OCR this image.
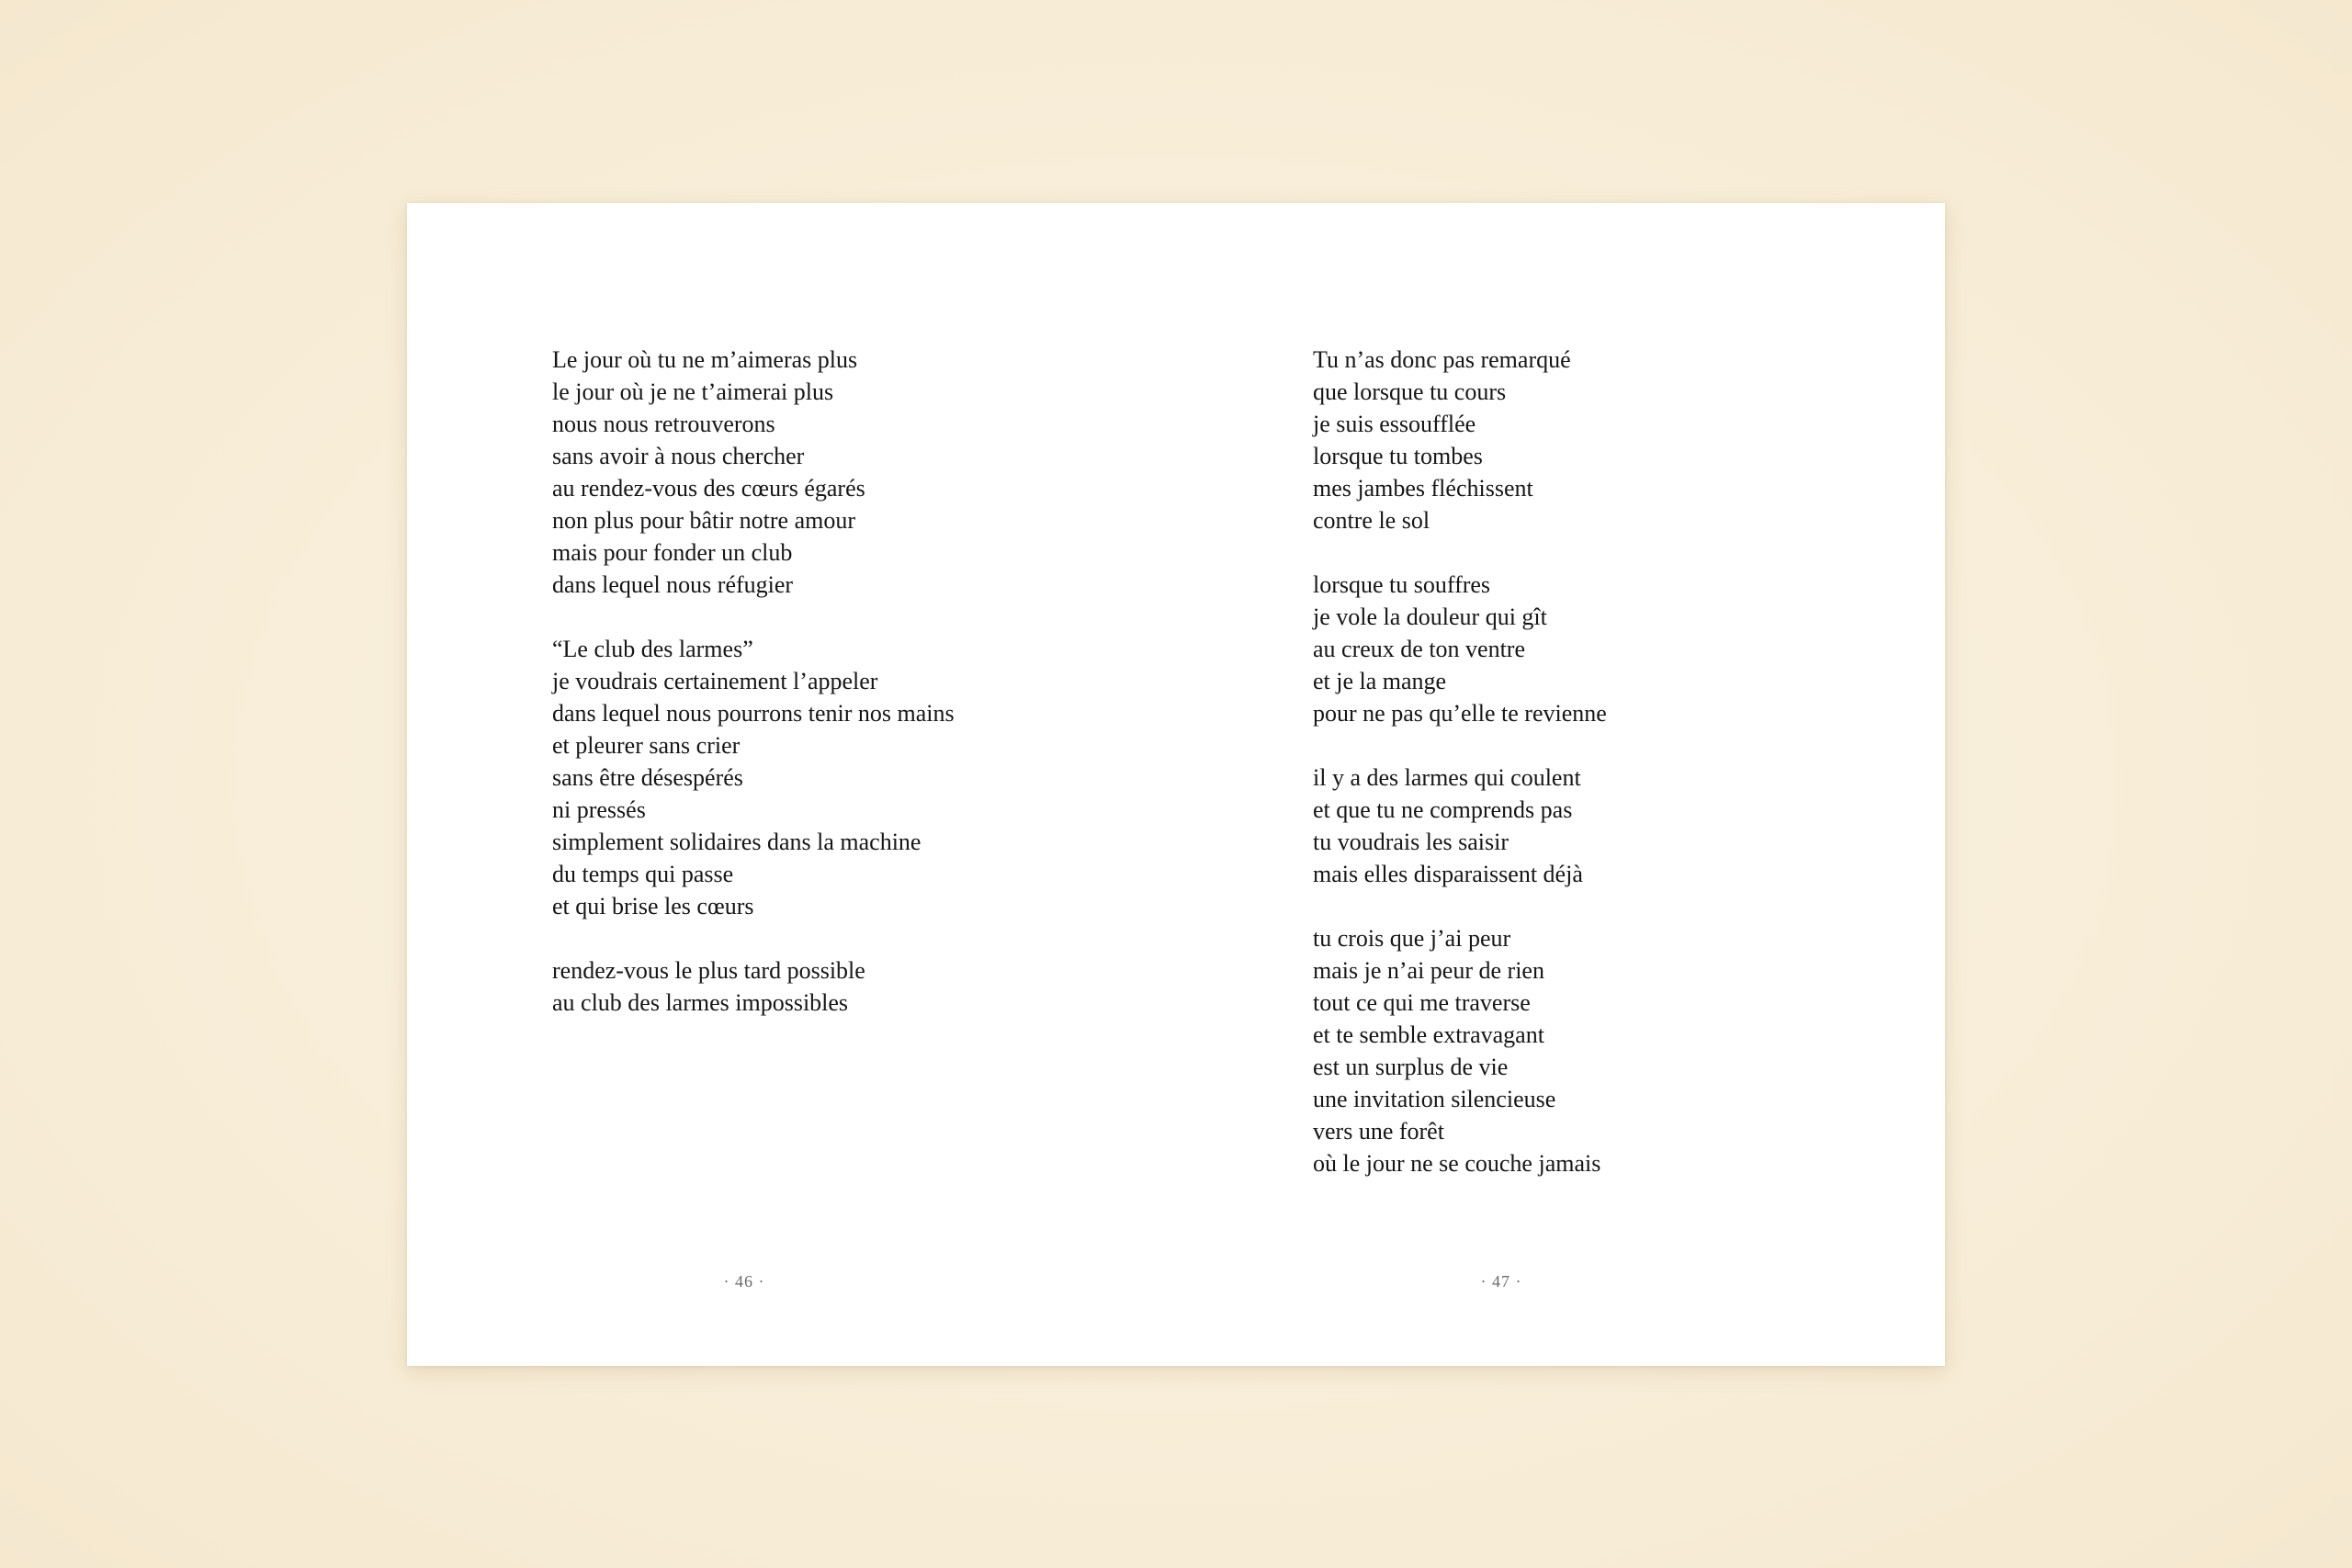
Le jour où tu ne m’aimeras plus
le jour où je ne t’aimerai plus
nous nous retrouverons
sans avoir à nous chercher
au rendez-vous des cœurs égarés
non plus pour bâtir notre amour
mais pour fonder un club
dans lequel nous réfugier
“Le club des larmes”
je voudrais certainement l’appeler
dans lequel nous pourrons tenir nos mains
et pleurer sans crier
sans être désespérés
ni pressés
simplement solidaires dans la machine
du temps qui passe
et qui brise les cœurs
rendez-vous le plus tard possible
au club des larmes impossibles
· 46 ·
Tu n’as donc pas remarqué
que lorsque tu cours
je suis essoufflée
lorsque tu tombes
mes jambes fléchissent
contre le sol
lorsque tu souffres
je vole la douleur qui gît
au creux de ton ventre
et je la mange
pour ne pas qu’elle te revienne
il y a des larmes qui coulent
et que tu ne comprends pas
tu voudrais les saisir
mais elles disparaissent déjà
tu crois que j’ai peur
mais je n’ai peur de rien
tout ce qui me traverse
et te semble extravagant
est un surplus de vie
une invitation silencieuse
vers une forêt
où le jour ne se couche jamais
· 47 ·
